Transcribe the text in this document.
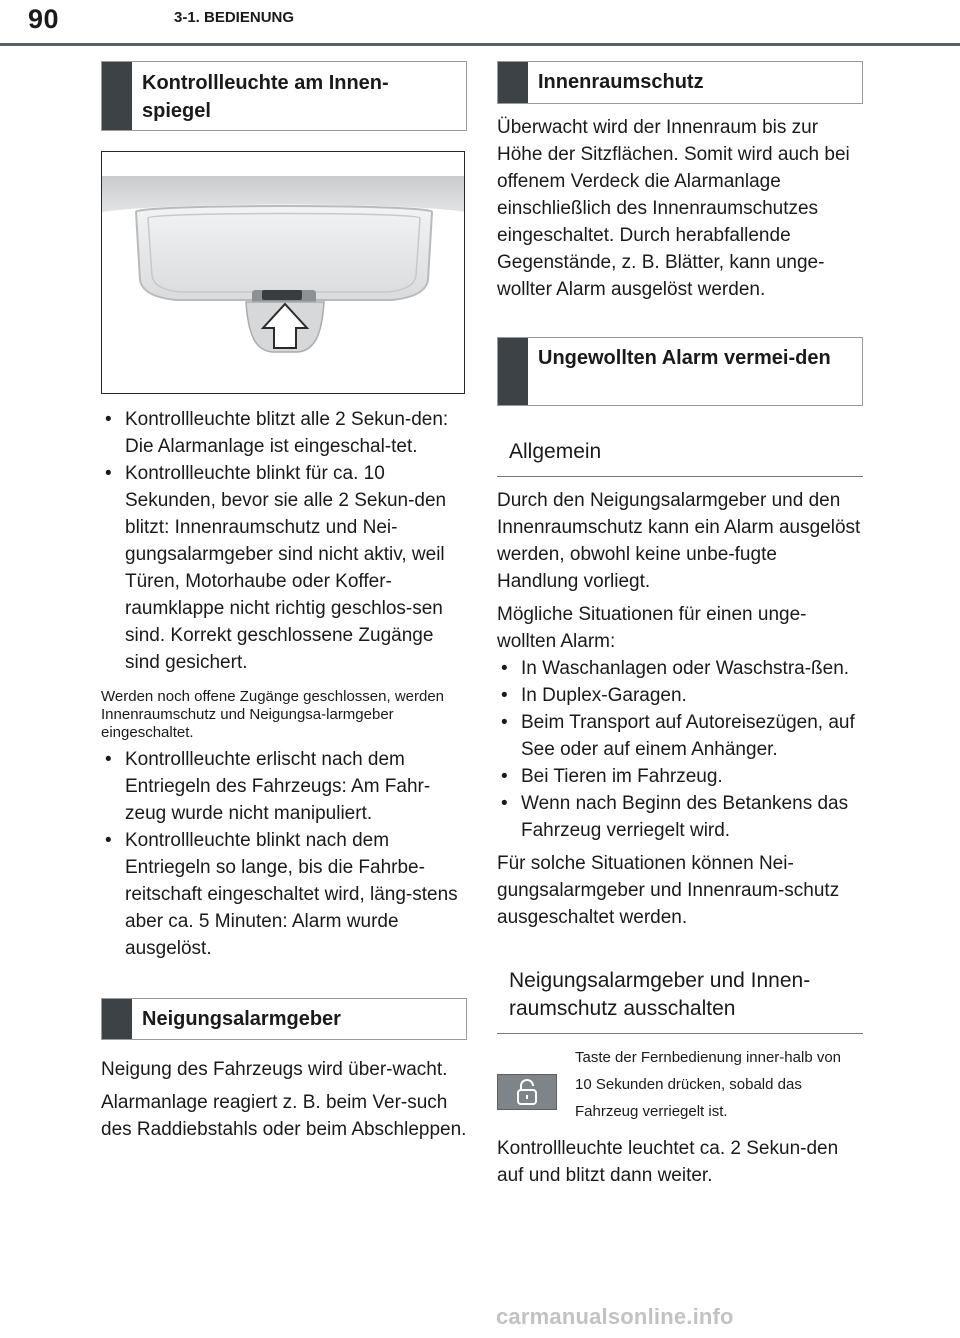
90	3-1. BEDIENUNG
Kontrollleuchte am Innen-spiegel
• Kontrollleuchte blitzt alle 2 Sekun-den: Die Alarmanlage ist eingeschal-tet.
• Kontrollleuchte blinkt für ca. 10 Sekunden, bevor sie alle 2 Sekun-den blitzt: Innenraumschutz und Nei-gungsalarmgeber sind nicht aktiv, weil Türen, Motorhaube oder Koffer-raumklappe nicht richtig geschlos-sen sind. Korrekt geschlossene Zugänge sind gesichert.

Werden noch offene Zugänge geschlossen, werden Innenraumschutz und Neigungsa-larmgeber eingeschaltet.

• Kontrollleuchte erlischt nach dem Entriegeln des Fahrzeugs: Am Fahr-zeug wurde nicht manipuliert.
• Kontrollleuchte blinkt nach dem Entriegeln so lange, bis die Fahrbe-reitschaft eingeschaltet wird, läng-stens aber ca. 5 Minuten: Alarm wurde ausgelöst.
Neigungsalarmgeber

Neigung des Fahrzeugs wird über-wacht.

Alarmanlage reagiert z. B. beim Ver-such des Raddiebstahls oder beim Abschleppen.

Innenraumschutz

Überwacht wird der Innenraum bis zur Höhe der Sitzflächen. Somit wird auch bei offenem Verdeck die Alarmanlage einschließlich des Innenraumschutzes eingeschaltet. Durch herabfallende Gegenstände, z. B. Blätter, kann unge-wollter Alarm ausgelöst werden.

Ungewollten Alarm vermei-den
Allgemein

Durch den Neigungsalarmgeber und den Innenraumschutz kann ein Alarm ausgelöst werden, obwohl keine unbe-fugte Handlung vorliegt.

Mögliche Situationen für einen unge-wollten Alarm:

• In Waschanlagen oder Waschstra-ßen.
• In Duplex-Garagen.
• Beim Transport auf Autoreisezügen, auf See oder auf einem Anhänger.
• Bei Tieren im Fahrzeug.
• Wenn nach Beginn des Betankens das Fahrzeug verriegelt wird.

Für solche Situationen können Nei-gungsalarmgeber und Innenraum-schutz ausgeschaltet werden.

Neigungsalarmgeber und Innen-raumschutz ausschalten
Taste der Fernbedienung inner-halb von 10 Sekunden drücken, sobald das Fahrzeug verriegelt ist.

Kontrollleuchte leuchtet ca. 2 Sekun-den auf und blitzt dann weiter.

carmanualsonline.info
